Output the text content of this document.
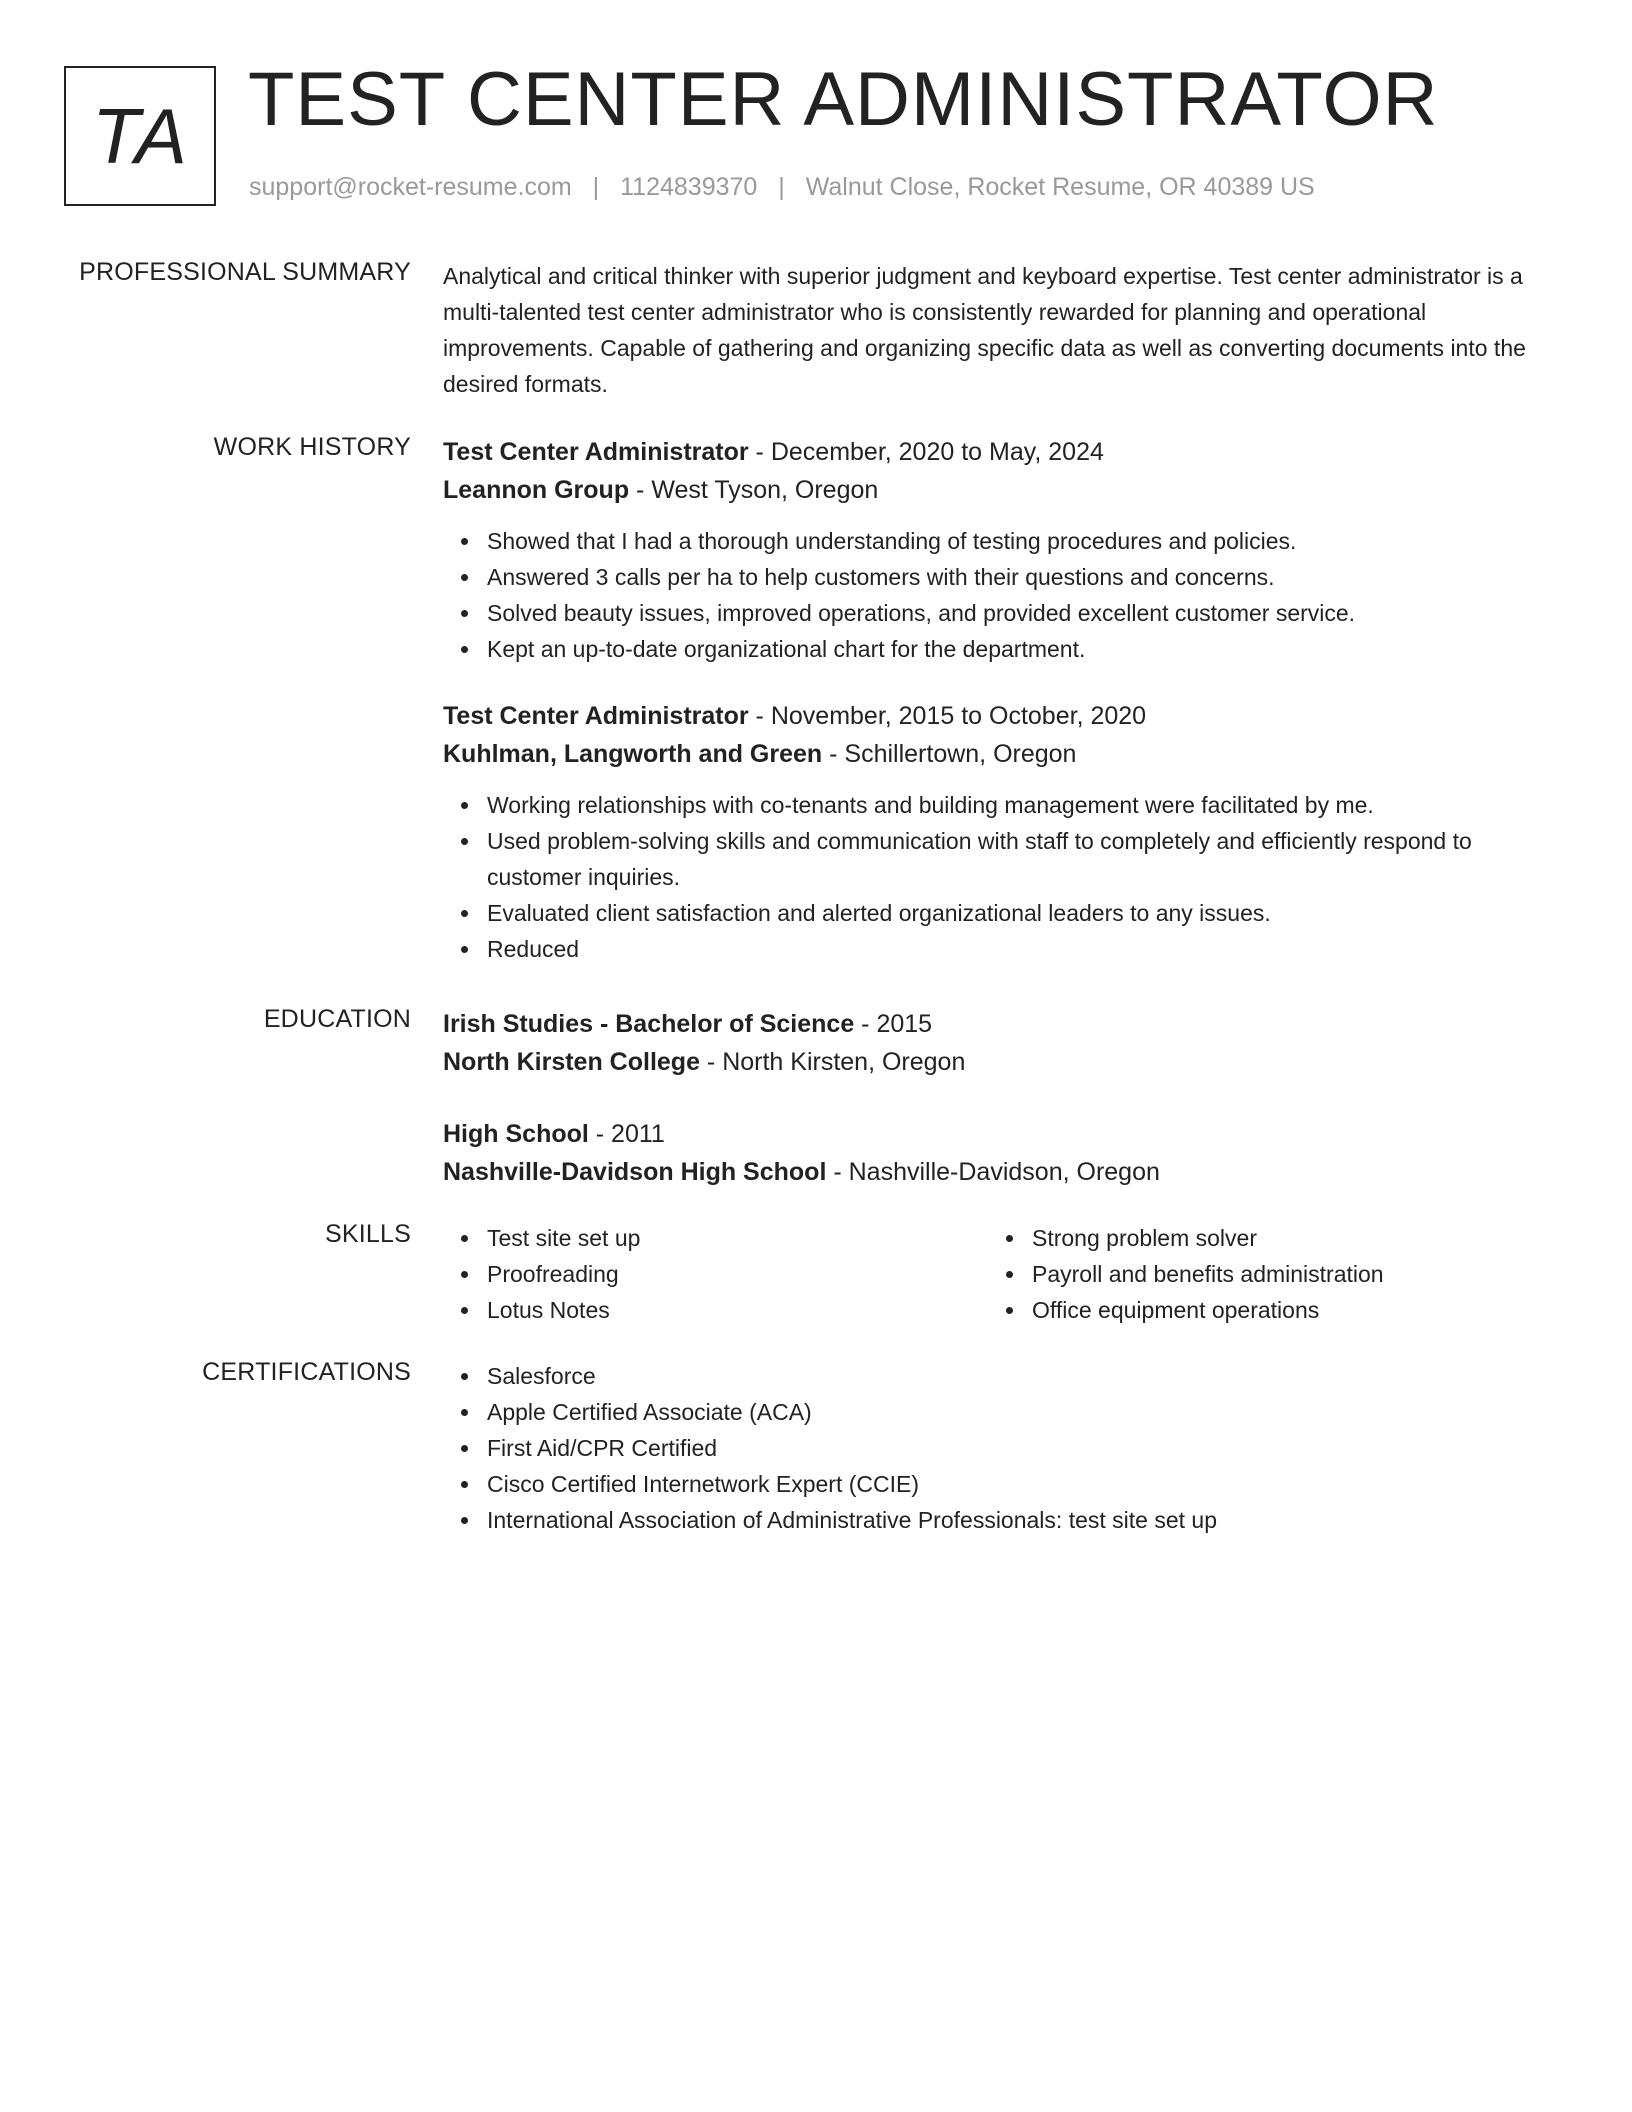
TA TEST CENTER ADMINISTRATOR
support@rocket-resume.com | 1124839370 | Walnut Close, Rocket Resume, OR 40389 US
PROFESSIONAL SUMMARY Analytical and critical thinker with superior judgment and keyboard expertise. Test center administrator is a multi-talented test center administrator who is consistently rewarded for planning and operational improvements. Capable of gathering and organizing specific data as well as converting documents into the desired formats.

WORK HISTORY Test Center Administrator - December, 2020 to May, 2024
Leannon Group - West Tyson, Oregon
Showed that I had a thorough understanding of testing procedures and policies.
Answered 3 calls per ha to help customers with their questions and concerns.
Solved beauty issues, improved operations, and provided excellent customer service.
Kept an up-to-date organizational chart for the department.
Test Center Administrator - November, 2015 to October, 2020
Kuhlman, Langworth and Green - Schillertown, Oregon
Working relationships with co-tenants and building management were facilitated by me.
Used problem-solving skills and communication with staff to completely and efficiently respond to customer inquiries.
Evaluated client satisfaction and alerted organizational leaders to any issues.
Reduced
EDUCATION Irish Studies - Bachelor of Science - 2015
North Kirsten College - North Kirsten, Oregon
High School - 2011
Nashville-Davidson High School - Nashville-Davidson, Oregon
SKILLS	Test site set up
Proofreading
Lotus Notes
Strong problem solver
Payroll and benefits administration
Office equipment operations
CERTIFICATIONS	Salesforce
Apple Certified Associate (ACA)
First Aid/CPR Certified
Cisco Certified Internetwork Expert (CCIE)
International Association of Administrative Professionals: test site set up
